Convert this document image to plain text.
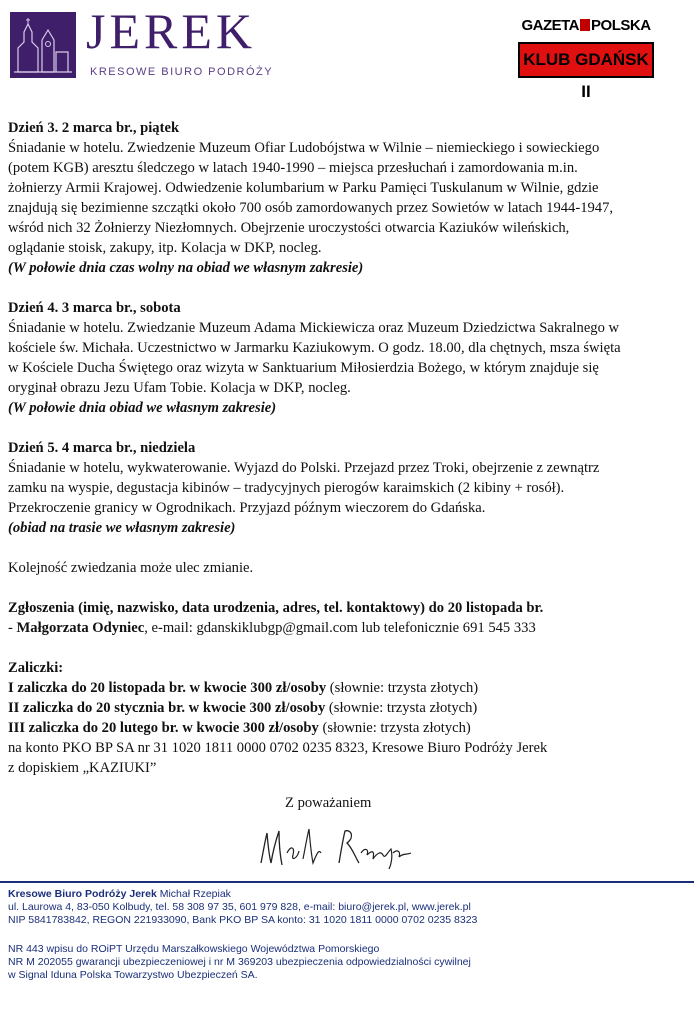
JEREK
KRESOWE BIURO PODRÓŻY
GAZETA POLSKA
KLUB GDAŃSK II

Dzień 3. 2 marca br., piątek

Śniadanie w hotelu. Zwiedzenie Muzeum Ofiar Ludobójstwa w Wilnie – niemieckiego i sowieckiego

(potem KGB) aresztu śledczego w latach 1940-1990 – miejsca przesłuchań i zamordowania m.in.

żołnierzy Armii Krajowej. Odwiedzenie kolumbarium w Parku Pamięci Tuskulanum w Wilnie, gdzie

znajdują się bezimienne szczątki około 700 osób zamordowanych przez Sowietów w latach 1944-1947,

wśród nich 32 Żołnierzy Niezłomnych. Obejrzenie uroczystości otwarcia Kaziuków wileńskich,

oglądanie stoisk, zakupy, itp. Kolacja w DKP, nocleg.

(W połowie dnia czas wolny na obiad we własnym zakresie)

Dzień 4. 3 marca br., sobota

Śniadanie w hotelu. Zwiedzanie Muzeum Adama Mickiewicza oraz Muzeum Dziedzictwa Sakralnego w

kościele św. Michała. Uczestnictwo w Jarmarku Kaziukowym. O godz. 18.00, dla chętnych, msza święta

w Kościele Ducha Świętego oraz wizyta w Sanktuarium Miłosierdzia Bożego, w którym znajduje się

oryginał obrazu Jezu Ufam Tobie. Kolacja w DKP, nocleg.

(W połowie dnia obiad we własnym zakresie)

Dzień 5. 4 marca br., niedziela

Śniadanie w hotelu, wykwaterowanie. Wyjazd do Polski. Przejazd przez Troki, obejrzenie z zewnątrz

zamku na wyspie, degustacja kibinów – tradycyjnych pierogów karaimskich (2 kibiny + rosół).

Przekroczenie granicy w Ogrodnikach. Przyjazd późnym wieczorem do Gdańska.

(obiad na trasie we własnym zakresie)

Kolejność zwiedzania może ulec zmianie.

Zgłoszenia (imię, nazwisko, data urodzenia, adres, tel. kontaktowy) do 20 listopada br.

- Małgorzata Odyniec, e-mail: gdanskiklubgp@gmail.com lub telefonicznie 691 545 333

Zaliczki:

I zaliczka do 20 listopada br. w kwocie 300 zł/osoby (słownie: trzysta złotych)

II zaliczka do 20 stycznia br. w kwocie 300 zł/osoby (słownie: trzysta złotych)

III zaliczka do 20 lutego br. w kwocie 300 zł/osoby (słownie: trzysta złotych)

na konto PKO BP SA nr 31 1020 1811 0000 0702 0235 8323, Kresowe Biuro Podróży Jerek

z dopiskiem „KAZIUKI”

Z poważaniem
Kresowe Biuro Podróży Jerek Michał Rzepiak
ul. Laurowa 4, 83-050 Kolbudy, tel. 58 308 97 35, 601 979 828, e-mail: biuro@jerek.pl, www.jerek.pl
NIP 5841783842, REGON 221933090, Bank PKO BP SA konto: 31 1020 1811 0000 0702 0235 8323
NR 443 wpisu do ROiPT Urzędu Marszałkowskiego Województwa Pomorskiego
NR M 202055 gwarancji ubezpieczeniowej i nr M 369203 ubezpieczenia odpowiedzialności cywilnej
w Signal Iduna Polska Towarzystwo Ubezpieczeń SA.
